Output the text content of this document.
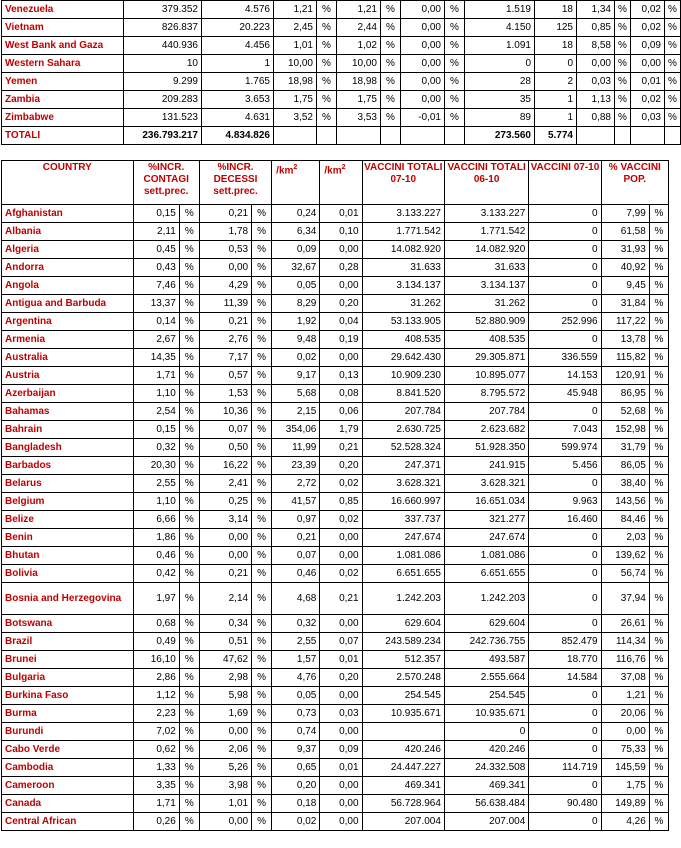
Venezuela	379.352	4.576	1,21	%	1,21	%	0,00	%	1.519	18	1,34	%	0,02	%
Vietnam	826.837	20.223	2,45	%	2,44	%	0,00	%	4.150	125	0,85	%	0,02	%
West Bank and Gaza	440.936	4.456	1,01	%	1,02	%	0,00	%	1.091	18	8,58	%	0,09	%
Western Sahara	10	1	10,00	%	10,00	%	0,00	%	0	0	0,00	%	0,00	%
Yemen	9.299	1.765	18,98	%	18,98	%	0,00	%	28	2	0,03	%	0,01	%
Zambia	209.283	3.653	1,75	%	1,75	%	0,00	%	35	1	1,13	%	0,02	%
Zimbabwe	131.523	4.631	3,52	%	3,53	%	-0,01	%	89	1	0,88	%	0,03	%
TOTALI	236.793.217	4.834.826							273.560	5.774				
COUNTRY	%INCR. CONTAGI sett.prec.		%INCR. DECESSI sett.prec.		$/km^2$	$/km^2$	VACCINI TOTALI 07-10	VACCINI TOTALI 06-10	VACCINI 07-10	% VACCINI POP.	
Afghanistan	0,15	%	0,21	%	0,24	0,01	3.133.227	3.133.227	0	7,99	%
Albania	2,11	%	1,78	%	6,34	0,10	1.771.542	1.771.542	0	61,58	%
Algeria	0,45	%	0,53	%	0,09	0,00	14.082.920	14.082.920	0	31,93	%
Andorra	0,43	%	0,00	%	32,67	0,28	31.633	31.633	0	40,92	%
Angola	7,46	%	4,29	%	0,05	0,00	3.134.137	3.134.137	0	9,45	%
Antigua and Barbuda	13,37	%	11,39	%	8,29	0,20	31.262	31.262	0	31,84	%
Argentina	0,14	%	0,21	%	1,92	0,04	53.133.905	52.880.909	252.996	117,22	%
Armenia	2,67	%	2,76	%	9,48	0,19	408.535	408.535	0	13,78	%
Australia	14,35	%	7,17	%	0,02	0,00	29.642.430	29.305.871	336.559	115,82	%
Austria	1,71	%	0,57	%	9,17	0,13	10.909.230	10.895.077	14.153	120,91	%
Azerbaijan	1,10	%	1,53	%	5,68	0,08	8.841.520	8.795.572	45.948	86,95	%
Bahamas	2,54	%	10,36	%	2,15	0,06	207.784	207.784	0	52,68	%
Bahrain	0,15	%	0,07	%	354,06	1,79	2.630.725	2.623.682	7.043	152,98	%
Bangladesh	0,32	%	0,50	%	11,99	0,21	52.528.324	51.928.350	599.974	31,79	%
Barbados	20,30	%	16,22	%	23,39	0,20	247.371	241.915	5.456	86,05	%
Belarus	2,55	%	2,41	%	2,72	0,02	3.628.321	3.628.321	0	38,40	%
Belgium	1,10	%	0,25	%	41,57	0,85	16.660.997	16.651.034	9.963	143,56	%
Belize	6,66	%	3,14	%	0,97	0,02	337.737	321.277	16.460	84,46	%
Benin	1,86	%	0,00	%	0,21	0,00	247.674	247.674	0	2,03	%
Bhutan	0,46	%	0,00	%	0,07	0,00	1.081.086	1.081.086	0	139,62	%
Bolivia	0,42	%	0,21	%	0,46	0,02	6.651.655	6.651.655	0	56,74	%
Bosnia and Herzegovina	1,97	%	2,14	%	4,68	0,21	1.242.203	1.242.203	0	37,94	%
Botswana	0,68	%	0,34	%	0,32	0,00	629.604	629.604	0	26,61	%
Brazil	0,49	%	0,51	%	2,55	0,07	243.589.234	242.736.755	852.479	114,34	%
Brunei	16,10	%	47,62	%	1,57	0,01	512.357	493.587	18.770	116,76	%
Bulgaria	2,86	%	2,98	%	4,76	0,20	2.570.248	2.555.664	14.584	37,08	%
Burkina Faso	1,12	%	5,98	%	0,05	0,00	254.545	254.545	0	1,21	%
Burma	2,23	%	1,69	%	0,73	0,03	10.935.671	10.935.671	0	20,06	%
Burundi	7,02	%	0,00	%	0,74	0,00		0	0	0,00	%
Cabo Verde	0,62	%	2,06	%	9,37	0,09	420.246	420.246	0	75,33	%
Cambodia	1,33	%	5,26	%	0,65	0,01	24.447.227	24.332.508	114.719	145,59	%
Cameroon	3,35	%	3,98	%	0,20	0,00	469.341	469.341	0	1,75	%
Canada	1,71	%	1,01	%	0,18	0,00	56.728.964	56.638.484	90.480	149,89	%
Central African	0,26	%	0,00	%	0,02	0,00	207.004	207.004	0	4,26	%
